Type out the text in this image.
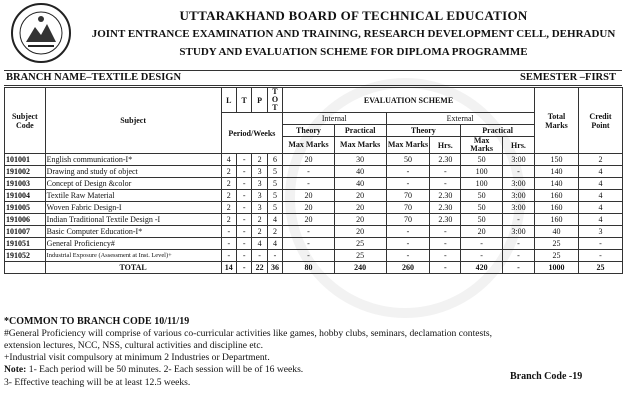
UTTARAKHAND BOARD OF TECHNICAL EDUCATION
JOINT ENTRANCE EXAMINATION AND TRAINING, RESEARCH DEVELOPMENT CELL, DEHRADUN
STUDY AND EVALUATION SCHEME FOR DIPLOMA PROGRAMME
BRANCH NAME–TEXTILE DESIGN	SEMESTER –FIRST
Subject Code	Subject	L	T	P	T O T	EVALUATION SCHEME						Total Marks	Credit Point
		Period/Weeks				Internal		External					
						Theory	Practical	Theory		Practical			
						Max Marks	Max Marks	Max Marks	Hrs.	Max Marks	Hrs.		
101001	English communication-I*	4	-	2	6	20	30	50	2.30	50	3:00	150	2
191002	Drawing and study of object	2	-	3	5	-	40	-	-	100	-	140	4
191003	Concept of Design &color	2	-	3	5	-	40	-	-	100	3:00	140	4
191004	Textile Raw Material	2	-	3	5	20	20	70	2.30	50	3:00	160	4
191005	Woven Fabric Design-I	2	-	3	5	20	20	70	2.30	50	3:00	160	4
191006	Indian Traditional Textile Design -I	2	-	2	4	20	20	70	2.30	50	-	160	4
101007	Basic Computer Education-I*	-	-	2	2	-	20	-	-	20	3:00	40	3
191051	General Proficiency#	-	-	4	4	-	25	-	-	-	-	25	-
191052	Industrial Exposure (Assessment at Inst. Level)+	-	-	-	-	-	25	-	-	-	-	25	-
	TOTAL	14	-	22	36	80	240	260	-	420	-	1000	25
*COMMON TO BRANCH CODE 10/11/19
#General Proficiency will comprise of various co-curricular activities like games, hobby clubs, seminars, declamation contests,
extension lectures, NCC, NSS, cultural activities and discipline etc.
+Industrial visit compulsory at minimum 2 Industries or Department.
Note: 1- Each period will be 50 minutes. 2- Each session will be of 16 weeks.
3- Effective teaching will be at least 12.5 weeks.
Branch Code -19
